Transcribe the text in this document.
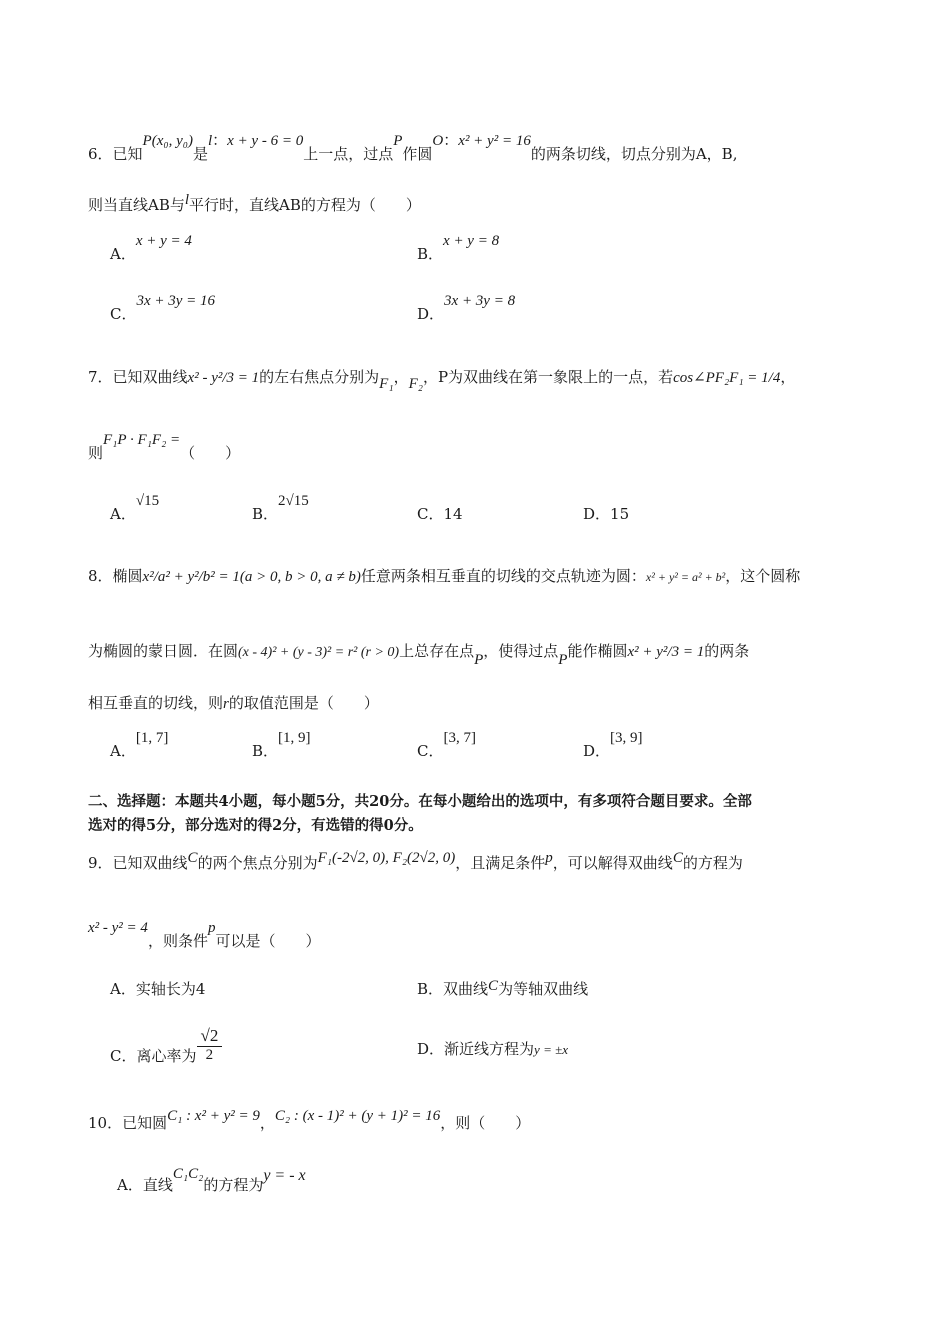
6．已知P(x₀, y₀)是l：x + y - 6 = 0上一点，过点P作圆O：x² + y² = 16的两条切线，切点分别为A，B,
则当直线AB与l平行时，直线AB的方程为（　　）
A．x + y = 4
B．x + y = 8
C．3x + 3y = 16
D．3x + 3y = 8
7．已知双曲线x² - y²/3 = 1的左右焦点分别为F₁，F₂，P为双曲线在第一象限上的一点，若cos∠PF₂F₁ = 1/4，
则F₁P · F₁F₂ =（　　）
A．√15
B．2√15
C．14	D．15
8．椭圆x²/a² + y²/b² = 1(a > 0, b > 0, a ≠ b)任意两条相互垂直的切线的交点轨迹为圆：x² + y² = a² + b²，这个圆称
为椭圆的蒙日圆．在圆(x - 4)² + (y - 3)² = r² (r > 0)上总存在点P，使得过点P能作椭圆x² + y²/3 = 1的两条
相互垂直的切线，则r的取值范围是（　　）
A．[1, 7]
B．[1, 9]
C．[3, 7]
D．[3, 9]
二、选择题：本题共4小题，每小题5分，共20分。在每小题给出的选项中，有多项符合题目要求。全部
选对的得5分，部分选对的得2分，有选错的得0分。
9．已知双曲线C的两个焦点分别为F₁(-2√2, 0), F₂(2√2, 0)，且满足条件p，可以解得双曲线C的方程为
x² - y² = 4，则条件p可以是（　　）
A．实轴长为4	B．双曲线C为等轴双曲线
C．离心率为 $\frac{√2}{2}$	D．渐近线方程为y = ±x
10．已知圆C₁ : x² + y² = 9，C₂ : (x - 1)² + (y + 1)² = 16，则（　　）
A．直线C₁C₂的方程为y = - x
